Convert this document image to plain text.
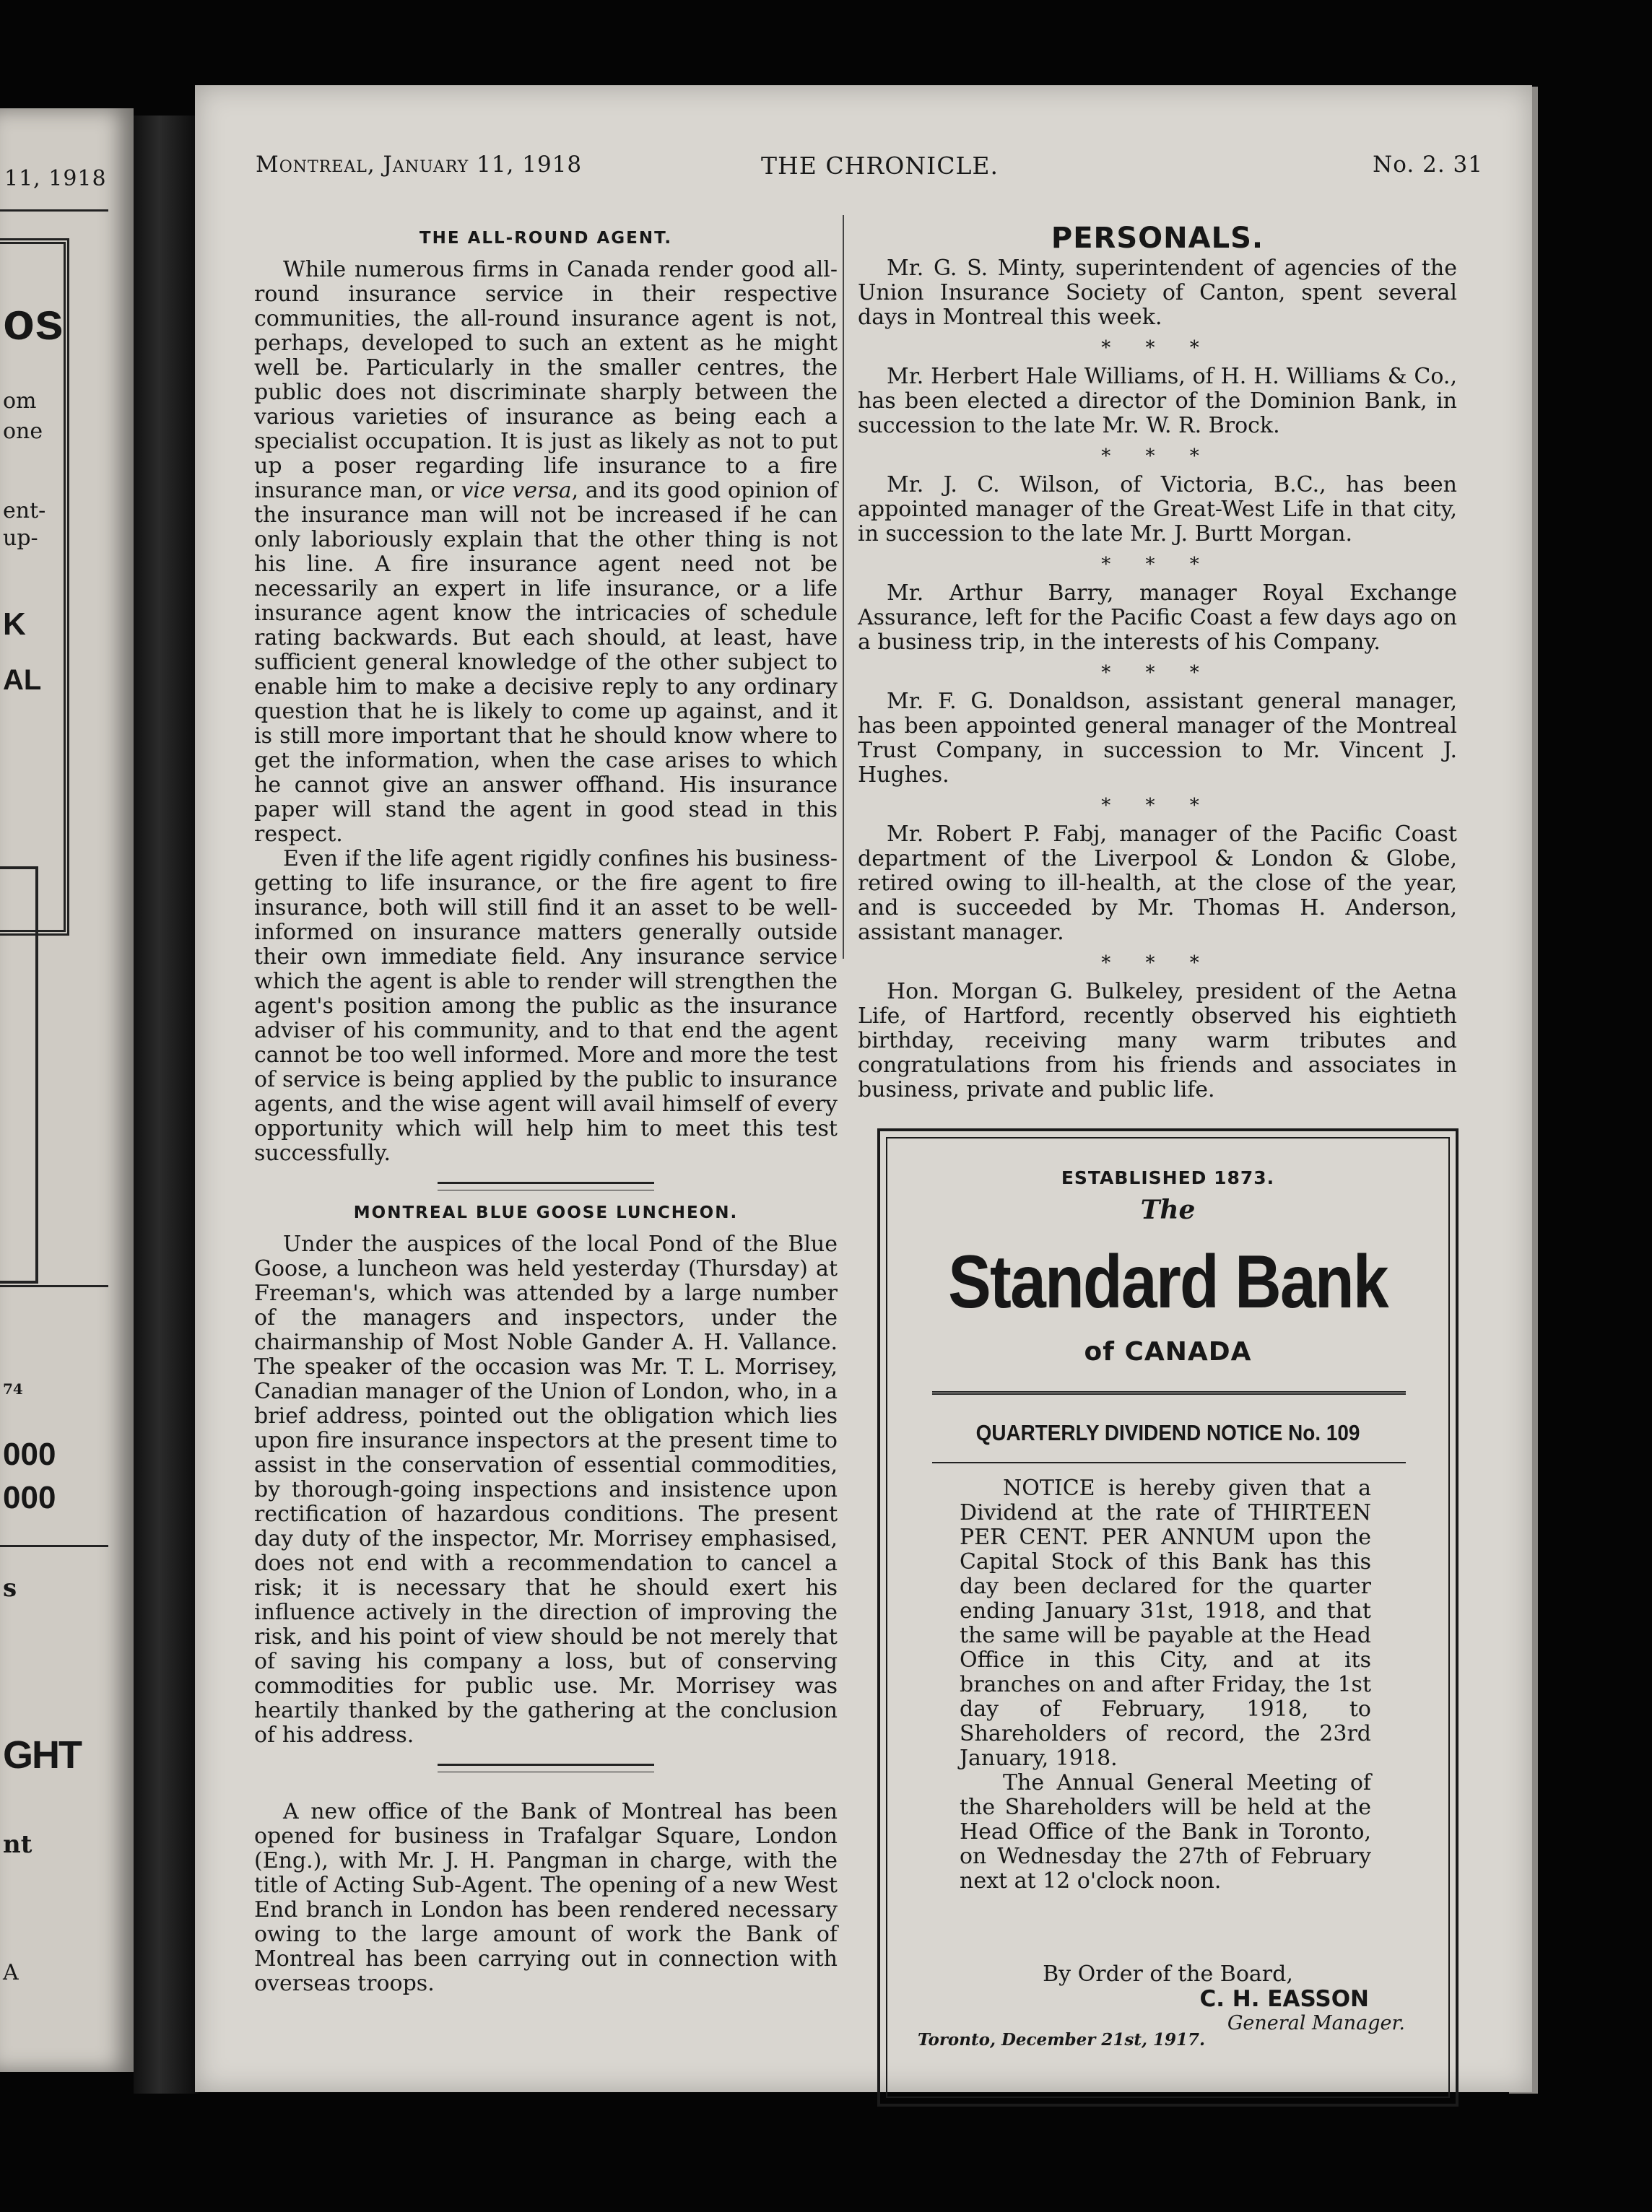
11, 1918
os
om
one
ent-
up-
K
AL
74
000
000
s
GHT
nt
A
Montreal, January 11, 1918	THE CHRONICLE.	No. 2. 31
THE ALL-ROUND AGENT.

While numerous firms in Canada render good all-round insurance service in their respective communities, the all-round insurance agent is not, perhaps, developed to such an extent as he might well be. Particularly in the smaller centres, the public does not discriminate sharply between the various varieties of insurance as being each a specialist occupation. It is just as likely as not to put up a poser regarding life insurance to a fire insurance man, or vice versa, and its good opinion of the insurance man will not be increased if he can only laboriously explain that the other thing is not his line. A fire insurance agent need not be necessarily an expert in life insurance, or a life insurance agent know the intricacies of schedule rating backwards. But each should, at least, have sufficient general knowledge of the other subject to enable him to make a decisive reply to any ordinary question that he is likely to come up against, and it is still more important that he should know where to get the information, when the case arises to which he cannot give an answer offhand. His insurance paper will stand the agent in good stead in this respect.

Even if the life agent rigidly confines his business-getting to life insurance, or the fire agent to fire insurance, both will still find it an asset to be well-informed on insurance matters generally outside their own immediate field. Any insurance service which the agent is able to render will strengthen the agent's position among the public as the insurance adviser of his community, and to that end the agent cannot be too well informed. More and more the test of service is being applied by the public to insurance agents, and the wise agent will avail himself of every opportunity which will help him to meet this test successfully.

MONTREAL BLUE GOOSE LUNCHEON.

Under the auspices of the local Pond of the Blue Goose, a luncheon was held yesterday (Thursday) at Freeman's, which was attended by a large number of the managers and inspectors, under the chairmanship of Most Noble Gander A. H. Vallance. The speaker of the occasion was Mr. T. L. Morrisey, Canadian manager of the Union of London, who, in a brief address, pointed out the obligation which lies upon fire insurance inspectors at the present time to assist in the conservation of essential commodities, by thorough-going inspections and insistence upon rectification of hazardous conditions. The present day duty of the inspector, Mr. Morrisey emphasised, does not end with a recommendation to cancel a risk; it is necessary that he should exert his influence actively in the direction of improving the risk, and his point of view should be not merely that of saving his company a loss, but of conserving commodities for public use. Mr. Morrisey was heartily thanked by the gathering at the conclusion of his address.

A new office of the Bank of Montreal has been opened for business in Trafalgar Square, London (Eng.), with Mr. J. H. Pangman in charge, with the title of Acting Sub-Agent. The opening of a new West End branch in London has been rendered necessary owing to the large amount of work the Bank of Montreal has been carrying out in connection with overseas troops.

PERSONALS.

Mr. G. S. Minty, superintendent of agencies of the Union Insurance Society of Canton, spent several days in Montreal this week.

* * *

Mr. Herbert Hale Williams, of H. H. Williams & Co., has been elected a director of the Dominion Bank, in succession to the late Mr. W. R. Brock.

* * *

Mr. J. C. Wilson, of Victoria, B.C., has been appointed manager of the Great-West Life in that city, in succession to the late Mr. J. Burtt Morgan.

* * *

Mr. Arthur Barry, manager Royal Exchange Assurance, left for the Pacific Coast a few days ago on a business trip, in the interests of his Company.

* * *

Mr. F. G. Donaldson, assistant general manager, has been appointed general manager of the Montreal Trust Company, in succession to Mr. Vincent J. Hughes.

* * *

Mr. Robert P. Fabj, manager of the Pacific Coast department of the Liverpool & London & Globe, retired owing to ill-health, at the close of the year, and is succeeded by Mr. Thomas H. Anderson, assistant manager.

* * *

Hon. Morgan G. Bulkeley, president of the Aetna Life, of Hartford, recently observed his eightieth birthday, receiving many warm tributes and congratulations from his friends and associates in business, private and public life.

ESTABLISHED 1873.
The
Standard Bank
of CANADA
QUARTERLY DIVIDEND NOTICE No. 109

NOTICE is hereby given that a Dividend at the rate of THIRTEEN PER CENT. PER ANNUM upon the Capital Stock of this Bank has this day been declared for the quarter ending January 31st, 1918, and that the same will be payable at the Head Office in this City, and at its branches on and after Friday, the 1st day of February, 1918, to Shareholders of record, the 23rd January, 1918.

The Annual General Meeting of the Shareholders will be held at the Head Office of the Bank in Toronto, on Wednesday the 27th of February next at 12 o'clock noon.

By Order of the Board,
C. H. EASSON
General Manager.
Toronto, December 21st, 1917.
